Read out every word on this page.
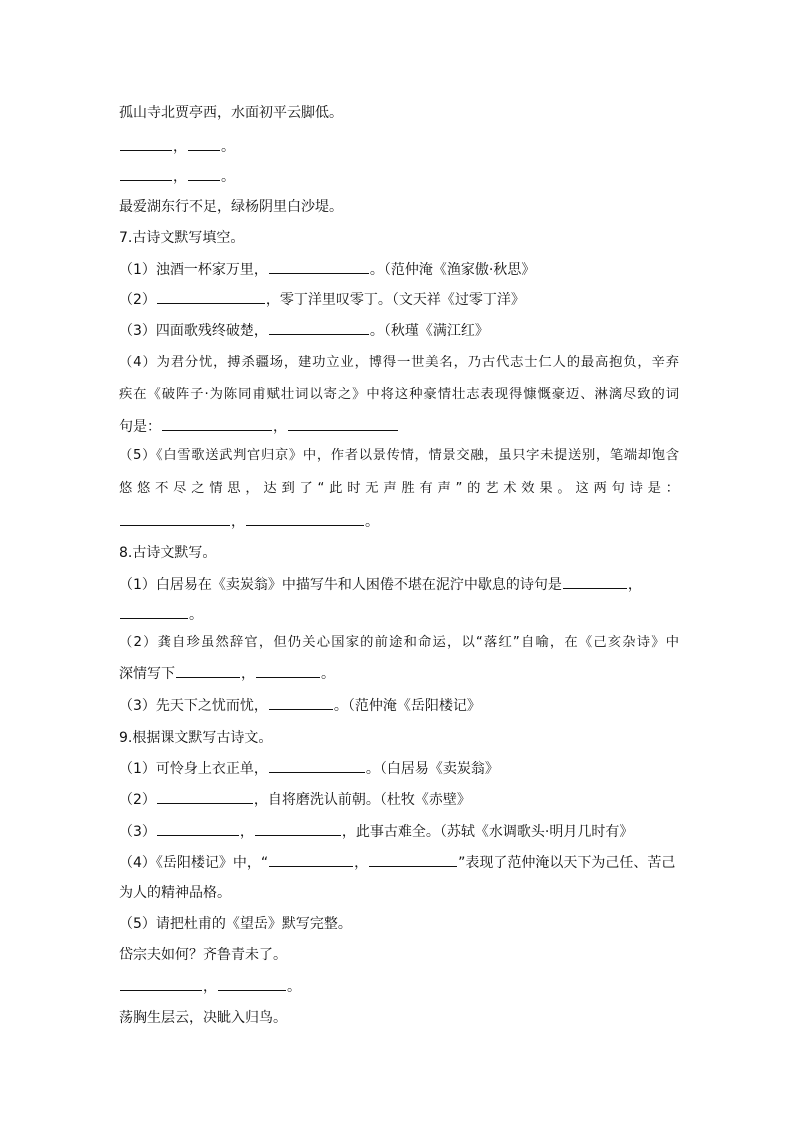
孤山寺北贾亭西，水面初平云脚低。
， 。
， 。
最爱湖东行不足，绿杨阴里白沙堤。
7.古诗文默写填空。
（1）浊酒一杯家万里，	。（范仲淹《渔家傲·秋思》
（2）	，零丁洋里叹零丁。（文天祥《过零丁洋》
（3）四面歌残终破楚，	。（秋瑾《满江红》
（4）为君分忧，搏杀疆场，建功立业，博得一世美名，乃古代志士仁人的最高抱负，辛弃
疾在《破阵子·为陈同甫赋壮词以寄之》中将这种豪情壮志表现得慷慨豪迈、淋漓尽致的词
句是：	，
（5）《白雪歌送武判官归京》中，作者以景传情，情景交融，虽只字未提送别，笔端却饱含
悠悠不尽之情思，达到了“此时无声胜有声”的艺术效果。这两句诗是：
，	。
8.古诗文默写。
（1）白居易在《卖炭翁》中描写牛和人困倦不堪在泥泞中歇息的诗句是	，
。
（2）龚自珍虽然辞官，但仍关心国家的前途和命运，以“落红”自喻，在《己亥杂诗》中
深情写下	，	。
（3）先天下之忧而忧，	。（范仲淹《岳阳楼记》
9.根据课文默写古诗文。
（1）可怜身上衣正单，	。（白居易《卖炭翁》
（2）	，自将磨洗认前朝。（杜牧《赤壁》
（3）	，	，此事古难全。（苏轼《水调歌头·明月几时有》
（4）《岳阳楼记》中，“	，	”表现了范仲淹以天下为己任、苦己
为人的精神品格。
（5）请把杜甫的《望岳》默写完整。
岱宗夫如何？齐鲁青未了。
，	。
荡胸生层云，决眦入归鸟。
